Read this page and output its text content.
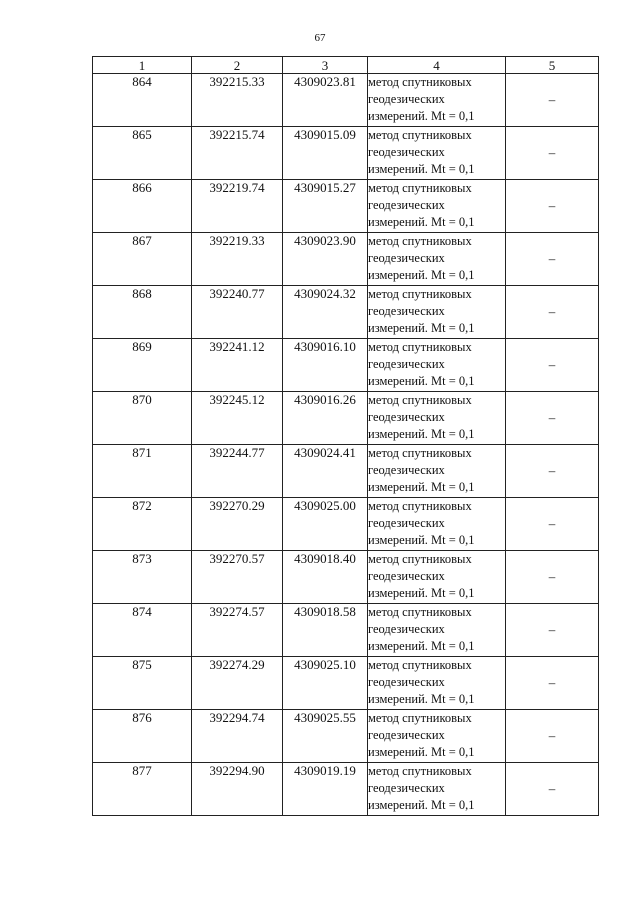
67
1	2	3	4	5
864	392215.33	4309023.81	метод спутниковых геодезических измерений. Mt = 0,1	–
865	392215.74	4309015.09	метод спутниковых геодезических измерений. Mt = 0,1	–
866	392219.74	4309015.27	метод спутниковых геодезических измерений. Mt = 0,1	–
867	392219.33	4309023.90	метод спутниковых геодезических измерений. Mt = 0,1	–
868	392240.77	4309024.32	метод спутниковых геодезических измерений. Mt = 0,1	–
869	392241.12	4309016.10	метод спутниковых геодезических измерений. Mt = 0,1	–
870	392245.12	4309016.26	метод спутниковых геодезических измерений. Mt = 0,1	–
871	392244.77	4309024.41	метод спутниковых геодезических измерений. Mt = 0,1	–
872	392270.29	4309025.00	метод спутниковых геодезических измерений. Mt = 0,1	–
873	392270.57	4309018.40	метод спутниковых геодезических измерений. Mt = 0,1	–
874	392274.57	4309018.58	метод спутниковых геодезических измерений. Mt = 0,1	–
875	392274.29	4309025.10	метод спутниковых геодезических измерений. Mt = 0,1	–
876	392294.74	4309025.55	метод спутниковых геодезических измерений. Mt = 0,1	–
877	392294.90	4309019.19	метод спутниковых геодезических измерений. Mt = 0,1	–
